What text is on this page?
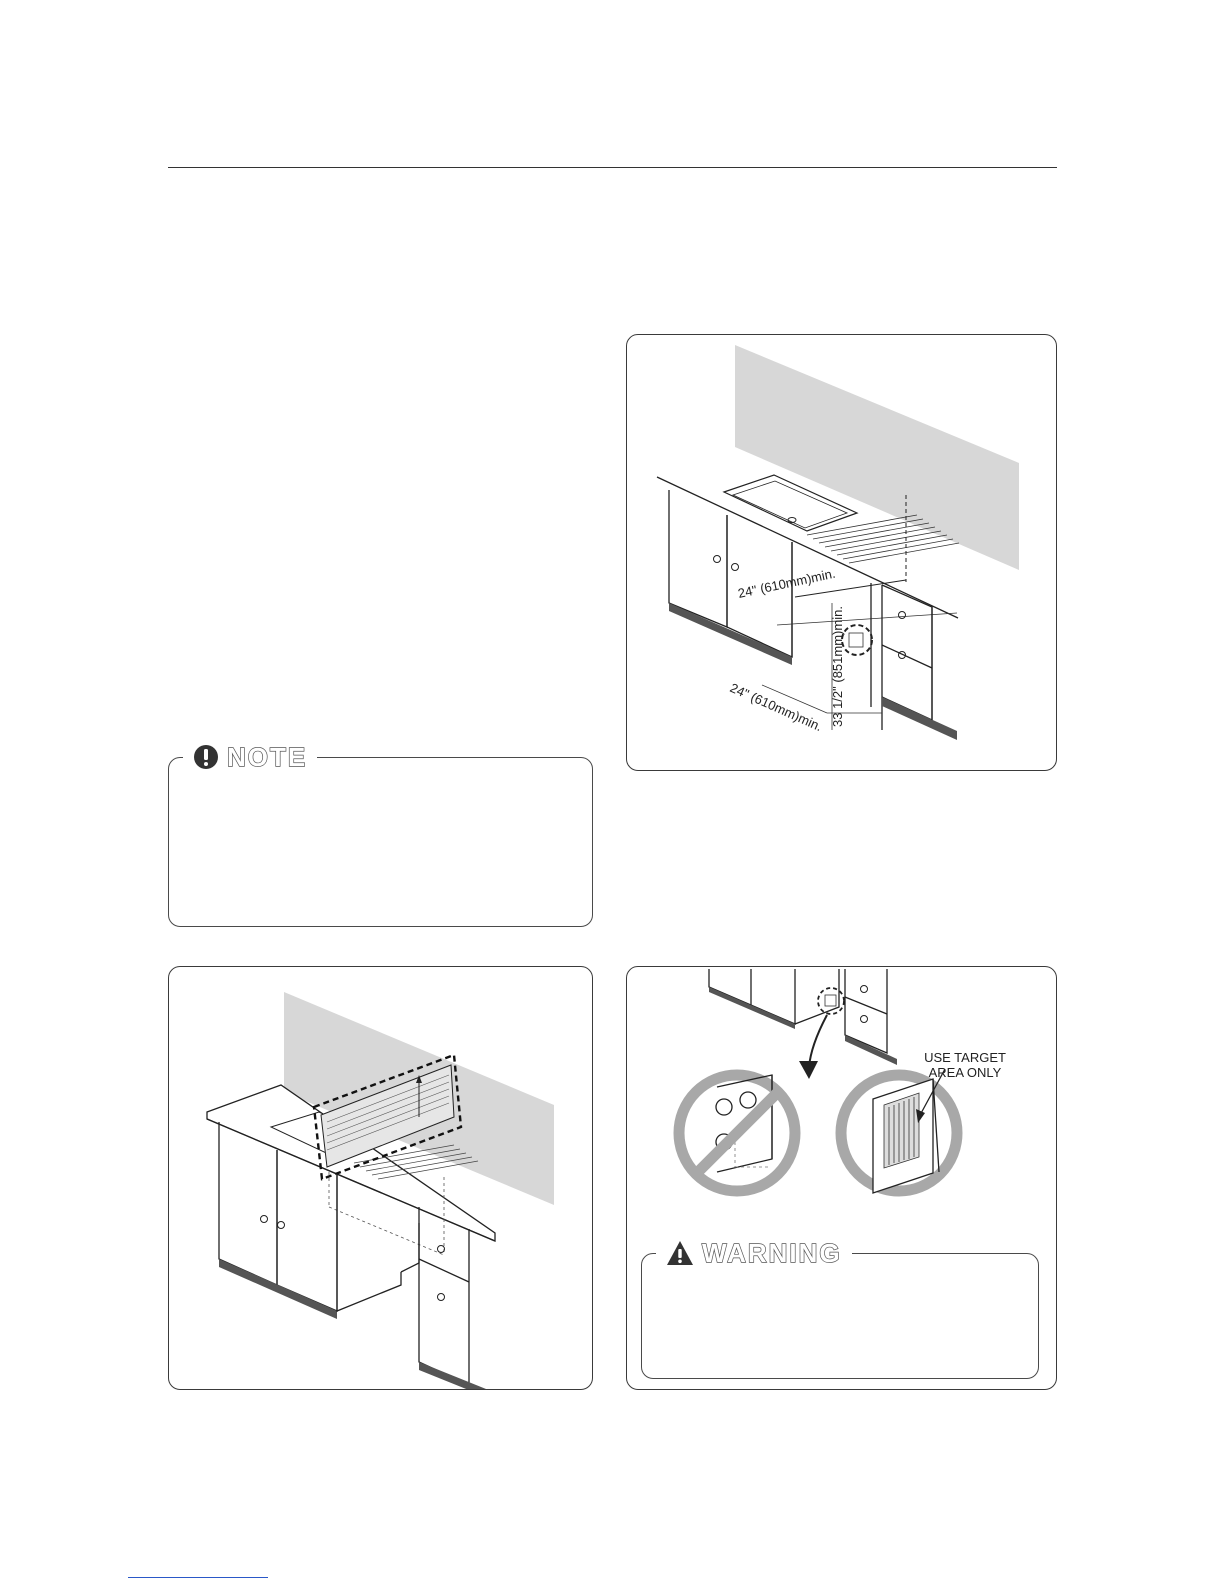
24" (610mm)min.
24" (610mm)min. 33 1/2" (851mm)min.
NOTE
USE TARGET
AREA ONLY
WARNING
